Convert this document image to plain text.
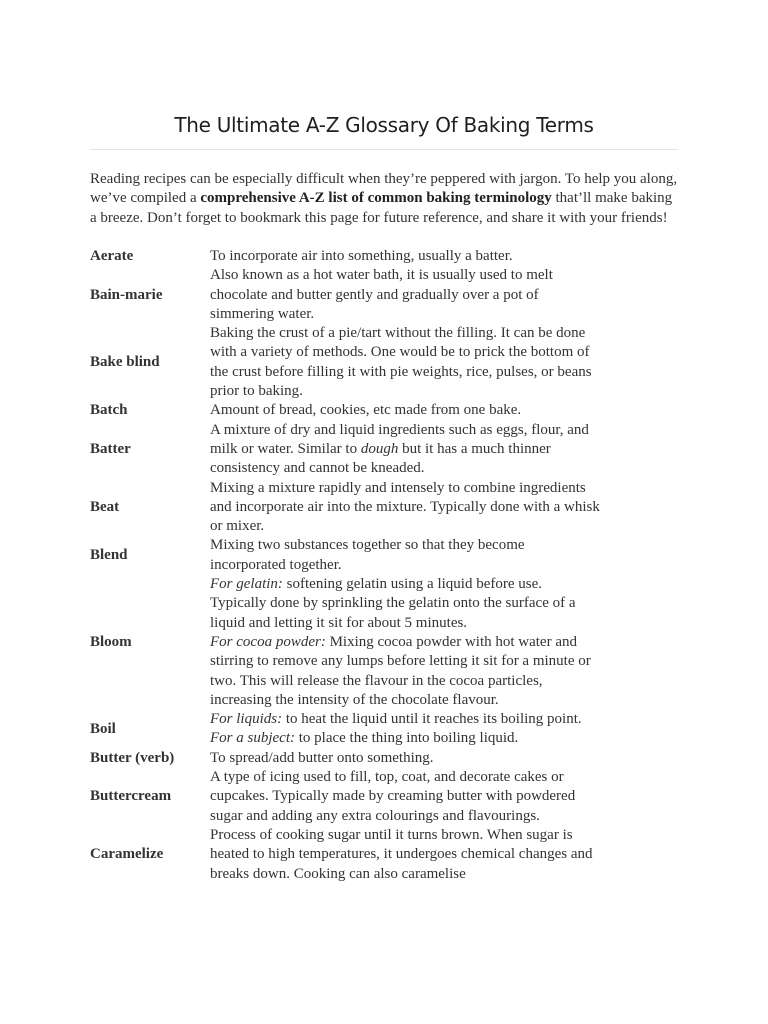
The Ultimate A-Z Glossary Of Baking Terms

Reading recipes can be especially difficult when they’re peppered with jargon. To help you along, we’ve compiled a comprehensive A-Z list of common baking terminology that’ll make baking a breeze. Don’t forget to bookmark this page for future reference, and share it with your friends!

Aerate	To incorporate air into something, usually a batter.
Bain-marie	Also known as a hot water bath, it is usually used to melt chocolate and butter gently and gradually over a pot of simmering water.
Bake blind	Baking the crust of a pie/tart without the filling. It can be done with a variety of methods. One would be to prick the bottom of the crust before filling it with pie weights, rice, pulses, or beans prior to baking.
Batch	Amount of bread, cookies, etc made from one bake.
Batter	A mixture of dry and liquid ingredients such as eggs, flour, and milk or water. Similar to dough but it has a much thinner consistency and cannot be kneaded.
Beat	Mixing a mixture rapidly and intensely to combine ingredients and incorporate air into the mixture. Typically done with a whisk or mixer.
Blend	Mixing two substances together so that they become incorporated together.
Bloom	For gelatin: softening gelatin using a liquid before use. Typically done by sprinkling the gelatin onto the surface of a liquid and letting it sit for about 5 minutes.
For cocoa powder: Mixing cocoa powder with hot water and stirring to remove any lumps before letting it sit for a minute or two. This will release the flavour in the cocoa particles, increasing the intensity of the chocolate flavour.
Boil	For liquids: to heat the liquid until it reaches its boiling point.
For a subject: to place the thing into boiling liquid.
Butter (verb)	To spread/add butter onto something.
Buttercream	A type of icing used to fill, top, coat, and decorate cakes or cupcakes. Typically made by creaming butter with powdered sugar and adding any extra colourings and flavourings.
Caramelize	Process of cooking sugar until it turns brown. When sugar is heated to high temperatures, it undergoes chemical changes and breaks down. Cooking can also caramelise
